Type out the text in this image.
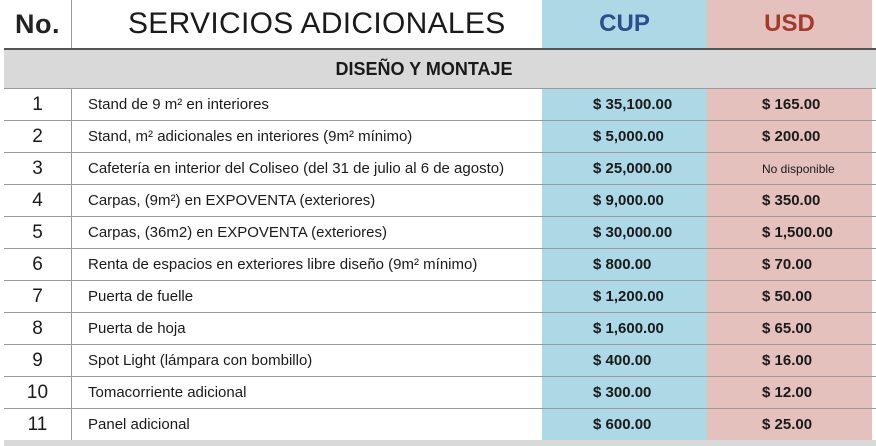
No.	SERVICIOS ADICIONALES	CUP	USD
DISEÑO Y MONTAJE
1	Stand de 9 m² en interiores	$ 35,100.00	$ 165.00
2	Stand, m² adicionales en interiores (9m² mínimo)	$ 5,000.00	$ 200.00
3	Cafetería en interior del Coliseo (del 31 de julio al 6 de agosto)	$ 25,000.00	No disponible
4	Carpas, (9m²) en EXPOVENTA (exteriores)	$ 9,000.00	$ 350.00
5	Carpas, (36m2) en EXPOVENTA (exteriores)	$ 30,000.00	$ 1,500.00
6	Renta de espacios en exteriores libre diseño (9m² mínimo)	$ 800.00	$ 70.00
7	Puerta de fuelle	$ 1,200.00	$ 50.00
8	Puerta de hoja	$ 1,600.00	$ 65.00
9	Spot Light (lámpara con bombillo)	$ 400.00	$ 16.00
10	Tomacorriente adicional	$ 300.00	$ 12.00
11	Panel adicional	$ 600.00	$ 25.00
